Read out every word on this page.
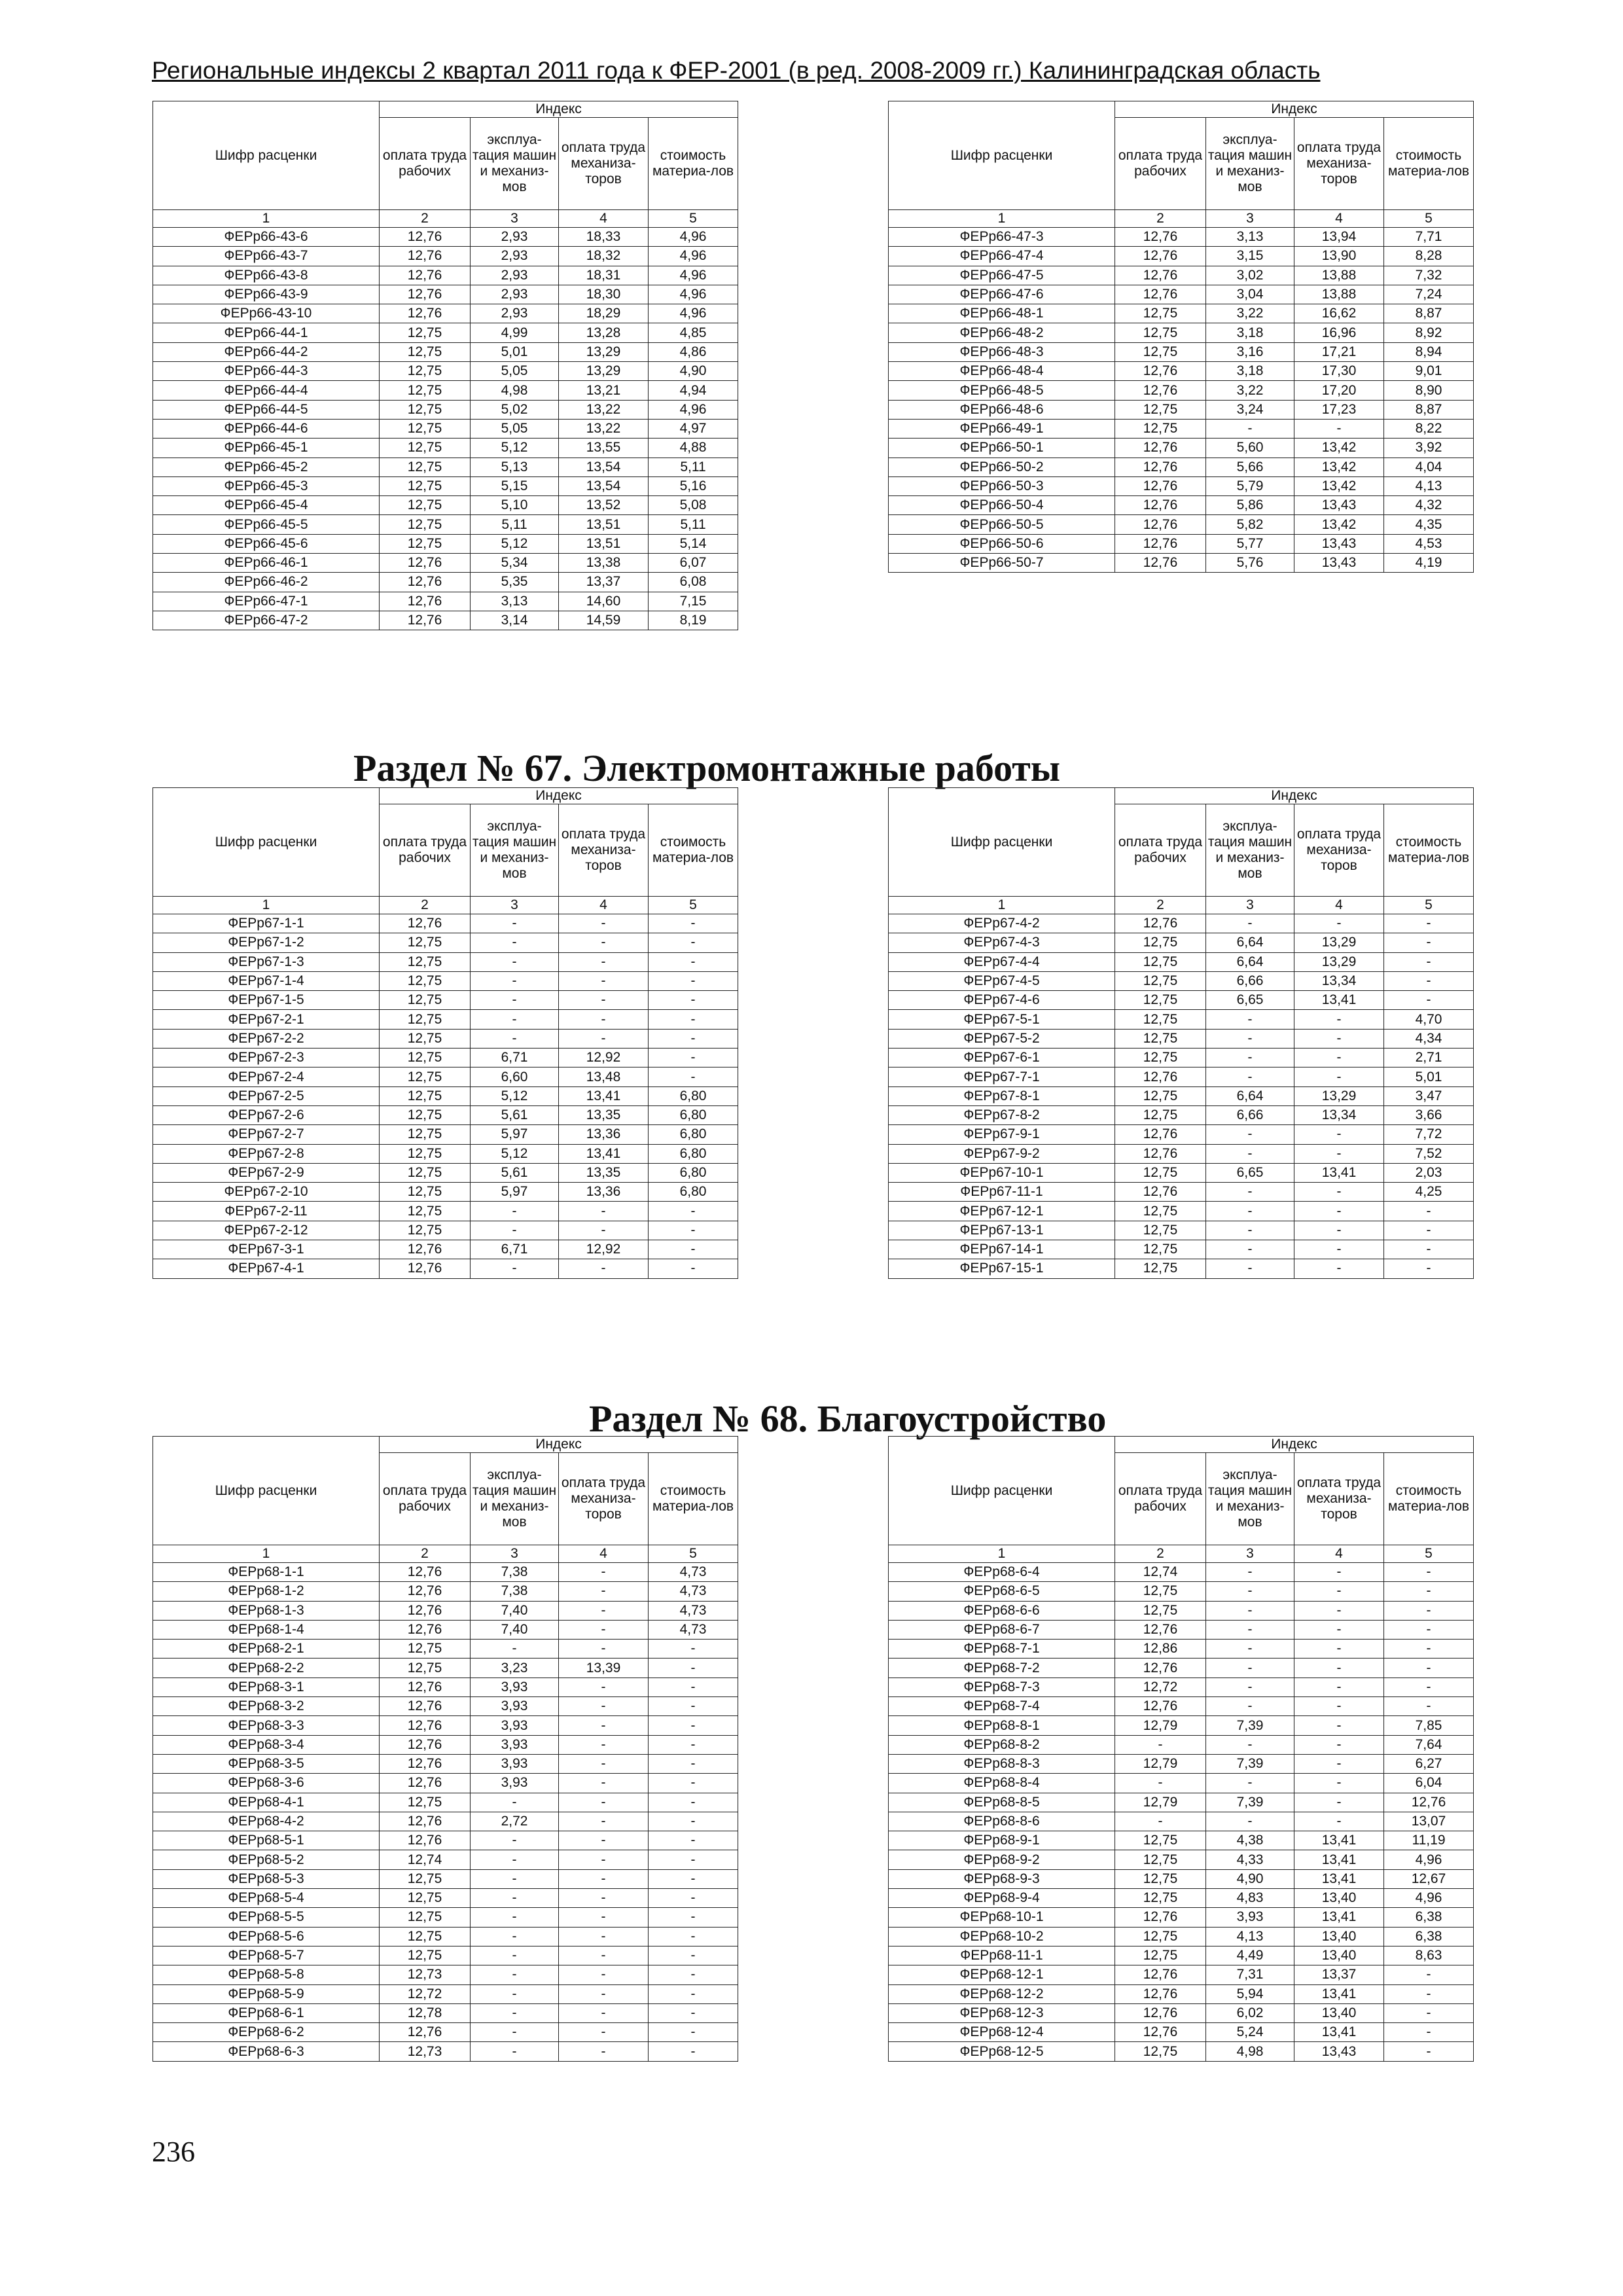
Региональные индексы 2 квартал 2011 года к ФЕР-2001 (в ред. 2008-2009 гг.) Калининградская область
Раздел № 67. Электромонтажные работы
Раздел № 68. Благоустройство
Шифр расценки	Индекс			
	оплата труда рабочих	эксплуа-тация машин и механиз-мов	оплата труда механиза-торов	стоимость материа-лов
1	2	3	4	5
ФЕРр66-43-6	12,76	2,93	18,33	4,96
ФЕРр66-43-7	12,76	2,93	18,32	4,96
ФЕРр66-43-8	12,76	2,93	18,31	4,96
ФЕРр66-43-9	12,76	2,93	18,30	4,96
ФЕРр66-43-10	12,76	2,93	18,29	4,96
ФЕРр66-44-1	12,75	4,99	13,28	4,85
ФЕРр66-44-2	12,75	5,01	13,29	4,86
ФЕРр66-44-3	12,75	5,05	13,29	4,90
ФЕРр66-44-4	12,75	4,98	13,21	4,94
ФЕРр66-44-5	12,75	5,02	13,22	4,96
ФЕРр66-44-6	12,75	5,05	13,22	4,97
ФЕРр66-45-1	12,75	5,12	13,55	4,88
ФЕРр66-45-2	12,75	5,13	13,54	5,11
ФЕРр66-45-3	12,75	5,15	13,54	5,16
ФЕРр66-45-4	12,75	5,10	13,52	5,08
ФЕРр66-45-5	12,75	5,11	13,51	5,11
ФЕРр66-45-6	12,75	5,12	13,51	5,14
ФЕРр66-46-1	12,76	5,34	13,38	6,07
ФЕРр66-46-2	12,76	5,35	13,37	6,08
ФЕРр66-47-1	12,76	3,13	14,60	7,15
ФЕРр66-47-2	12,76	3,14	14,59	8,19
Шифр расценки	Индекс			
	оплата труда рабочих	эксплуа-тация машин и механиз-мов	оплата труда механиза-торов	стоимость материа-лов
1	2	3	4	5
ФЕРр66-47-3	12,76	3,13	13,94	7,71
ФЕРр66-47-4	12,76	3,15	13,90	8,28
ФЕРр66-47-5	12,76	3,02	13,88	7,32
ФЕРр66-47-6	12,76	3,04	13,88	7,24
ФЕРр66-48-1	12,75	3,22	16,62	8,87
ФЕРр66-48-2	12,75	3,18	16,96	8,92
ФЕРр66-48-3	12,75	3,16	17,21	8,94
ФЕРр66-48-4	12,76	3,18	17,30	9,01
ФЕРр66-48-5	12,76	3,22	17,20	8,90
ФЕРр66-48-6	12,75	3,24	17,23	8,87
ФЕРр66-49-1	12,75	-	-	8,22
ФЕРр66-50-1	12,76	5,60	13,42	3,92
ФЕРр66-50-2	12,76	5,66	13,42	4,04
ФЕРр66-50-3	12,76	5,79	13,42	4,13
ФЕРр66-50-4	12,76	5,86	13,43	4,32
ФЕРр66-50-5	12,76	5,82	13,42	4,35
ФЕРр66-50-6	12,76	5,77	13,43	4,53
ФЕРр66-50-7	12,76	5,76	13,43	4,19
Шифр расценки	Индекс			
	оплата труда рабочих	эксплуа-тация машин и механиз-мов	оплата труда механиза-торов	стоимость материа-лов
1	2	3	4	5
ФЕРр67-1-1	12,76	-	-	-
ФЕРр67-1-2	12,75	-	-	-
ФЕРр67-1-3	12,75	-	-	-
ФЕРр67-1-4	12,75	-	-	-
ФЕРр67-1-5	12,75	-	-	-
ФЕРр67-2-1	12,75	-	-	-
ФЕРр67-2-2	12,75	-	-	-
ФЕРр67-2-3	12,75	6,71	12,92	-
ФЕРр67-2-4	12,75	6,60	13,48	-
ФЕРр67-2-5	12,75	5,12	13,41	6,80
ФЕРр67-2-6	12,75	5,61	13,35	6,80
ФЕРр67-2-7	12,75	5,97	13,36	6,80
ФЕРр67-2-8	12,75	5,12	13,41	6,80
ФЕРр67-2-9	12,75	5,61	13,35	6,80
ФЕРр67-2-10	12,75	5,97	13,36	6,80
ФЕРр67-2-11	12,75	-	-	-
ФЕРр67-2-12	12,75	-	-	-
ФЕРр67-3-1	12,76	6,71	12,92	-
ФЕРр67-4-1	12,76	-	-	-
Шифр расценки	Индекс			
	оплата труда рабочих	эксплуа-тация машин и механиз-мов	оплата труда механиза-торов	стоимость материа-лов
1	2	3	4	5
ФЕРр67-4-2	12,76	-	-	-
ФЕРр67-4-3	12,75	6,64	13,29	-
ФЕРр67-4-4	12,75	6,64	13,29	-
ФЕРр67-4-5	12,75	6,66	13,34	-
ФЕРр67-4-6	12,75	6,65	13,41	-
ФЕРр67-5-1	12,75	-	-	4,70
ФЕРр67-5-2	12,75	-	-	4,34
ФЕРр67-6-1	12,75	-	-	2,71
ФЕРр67-7-1	12,76	-	-	5,01
ФЕРр67-8-1	12,75	6,64	13,29	3,47
ФЕРр67-8-2	12,75	6,66	13,34	3,66
ФЕРр67-9-1	12,76	-	-	7,72
ФЕРр67-9-2	12,76	-	-	7,52
ФЕРр67-10-1	12,75	6,65	13,41	2,03
ФЕРр67-11-1	12,76	-	-	4,25
ФЕРр67-12-1	12,75	-	-	-
ФЕРр67-13-1	12,75	-	-	-
ФЕРр67-14-1	12,75	-	-	-
ФЕРр67-15-1	12,75	-	-	-
Шифр расценки	Индекс			
	оплата труда рабочих	эксплуа-тация машин и механиз-мов	оплата труда механиза-торов	стоимость материа-лов
1	2	3	4	5
ФЕРр68-1-1	12,76	7,38	-	4,73
ФЕРр68-1-2	12,76	7,38	-	4,73
ФЕРр68-1-3	12,76	7,40	-	4,73
ФЕРр68-1-4	12,76	7,40	-	4,73
ФЕРр68-2-1	12,75	-	-	-
ФЕРр68-2-2	12,75	3,23	13,39	-
ФЕРр68-3-1	12,76	3,93	-	-
ФЕРр68-3-2	12,76	3,93	-	-
ФЕРр68-3-3	12,76	3,93	-	-
ФЕРр68-3-4	12,76	3,93	-	-
ФЕРр68-3-5	12,76	3,93	-	-
ФЕРр68-3-6	12,76	3,93	-	-
ФЕРр68-4-1	12,75	-	-	-
ФЕРр68-4-2	12,76	2,72	-	-
ФЕРр68-5-1	12,76	-	-	-
ФЕРр68-5-2	12,74	-	-	-
ФЕРр68-5-3	12,75	-	-	-
ФЕРр68-5-4	12,75	-	-	-
ФЕРр68-5-5	12,75	-	-	-
ФЕРр68-5-6	12,75	-	-	-
ФЕРр68-5-7	12,75	-	-	-
ФЕРр68-5-8	12,73	-	-	-
ФЕРр68-5-9	12,72	-	-	-
ФЕРр68-6-1	12,78	-	-	-
ФЕРр68-6-2	12,76	-	-	-
ФЕРр68-6-3	12,73	-	-	-
Шифр расценки	Индекс			
	оплата труда рабочих	эксплуа-тация машин и механиз-мов	оплата труда механиза-торов	стоимость материа-лов
1	2	3	4	5
ФЕРр68-6-4	12,74	-	-	-
ФЕРр68-6-5	12,75	-	-	-
ФЕРр68-6-6	12,75	-	-	-
ФЕРр68-6-7	12,76	-	-	-
ФЕРр68-7-1	12,86	-	-	-
ФЕРр68-7-2	12,76	-	-	-
ФЕРр68-7-3	12,72	-	-	-
ФЕРр68-7-4	12,76	-	-	-
ФЕРр68-8-1	12,79	7,39	-	7,85
ФЕРр68-8-2	-	-	-	7,64
ФЕРр68-8-3	12,79	7,39	-	6,27
ФЕРр68-8-4	-	-	-	6,04
ФЕРр68-8-5	12,79	7,39	-	12,76
ФЕРр68-8-6	-	-	-	13,07
ФЕРр68-9-1	12,75	4,38	13,41	11,19
ФЕРр68-9-2	12,75	4,33	13,41	4,96
ФЕРр68-9-3	12,75	4,90	13,41	12,67
ФЕРр68-9-4	12,75	4,83	13,40	4,96
ФЕРр68-10-1	12,76	3,93	13,41	6,38
ФЕРр68-10-2	12,75	4,13	13,40	6,38
ФЕРр68-11-1	12,75	4,49	13,40	8,63
ФЕРр68-12-1	12,76	7,31	13,37	-
ФЕРр68-12-2	12,76	5,94	13,41	-
ФЕРр68-12-3	12,76	6,02	13,40	-
ФЕРр68-12-4	12,76	5,24	13,41	-
ФЕРр68-12-5	12,75	4,98	13,43	-
236
